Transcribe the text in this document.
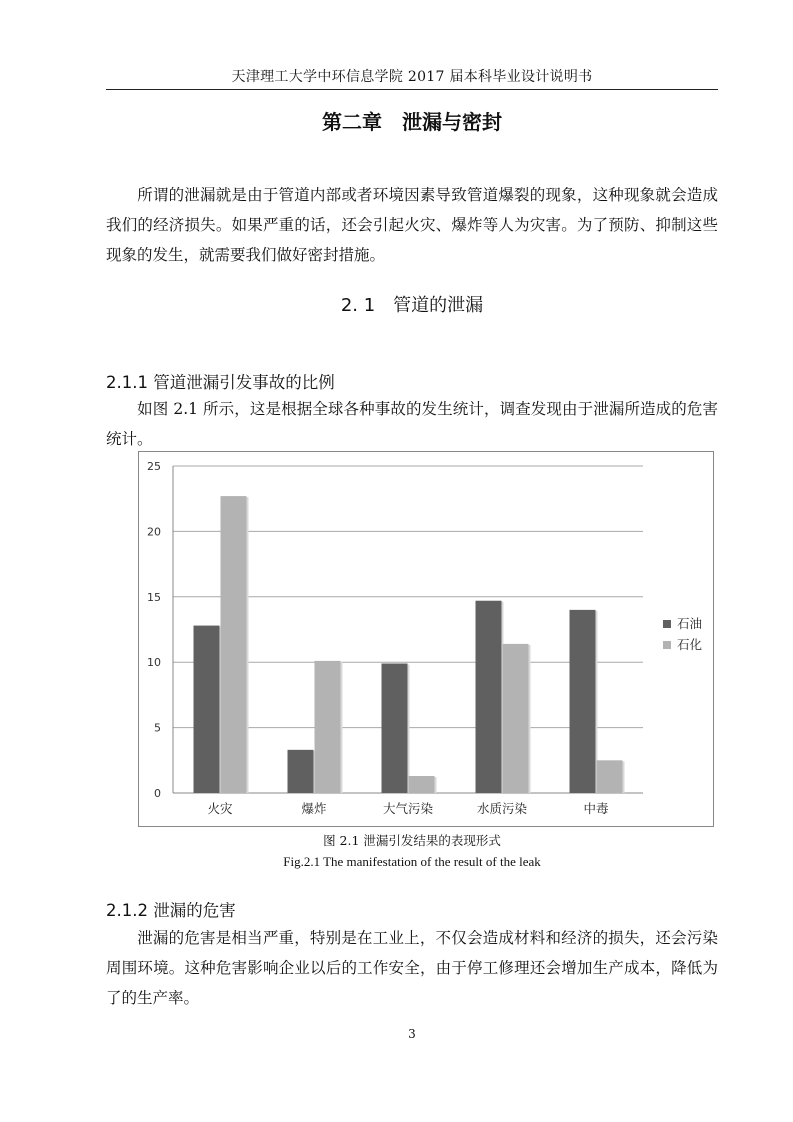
天津理工大学中环信息学院 2017 届本科毕业设计说明书
第二章　泄漏与密封
所谓的泄漏就是由于管道内部或者环境因素导致管道爆裂的现象，这种现象就会造成我们的经济损失。如果严重的话，还会引起火灾、爆炸等人为灾害。为了预防、抑制这些现象的发生，就需要我们做好密封措施。
2. 1　管道的泄漏
2.1.1 管道泄漏引发事故的比例
如图 2.1 所示，这是根据全球各种事故的发生统计，调查发现由于泄漏所造成的危害统计。
0
5
10
15
20
25
火灾	爆炸	大气污染	水质污染	中毒
石油
石化
图 2.1 泄漏引发结果的表现形式
Fig.2.1 The manifestation of the result of the leak
2.1.2 泄漏的危害
泄漏的危害是相当严重，特别是在工业上，不仅会造成材料和经济的损失，还会污染周围环境。这种危害影响企业以后的工作安全，由于停工修理还会增加生产成本，降低为了的生产率。
3
